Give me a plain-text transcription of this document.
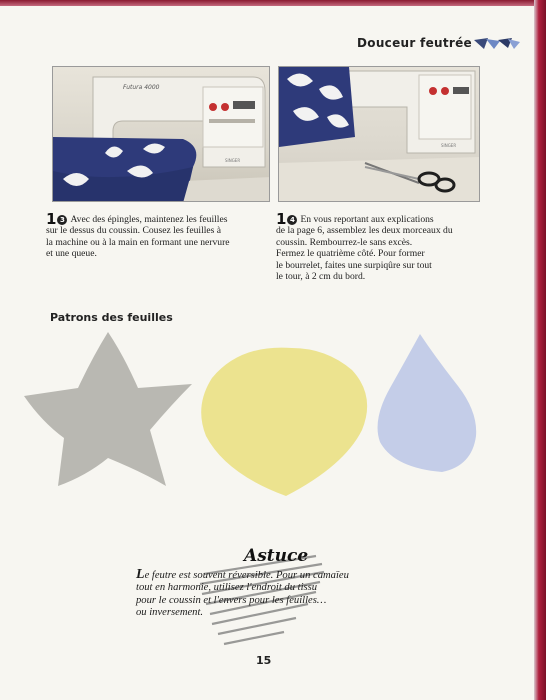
Douceur feutrée
Futura 4000
SINGER
SINGER
1 3 Avec des épingles, maintenez les feuilles
sur le dessus du coussin. Cousez les feuilles à
la machine ou à la main en formant une nervure
et une queue.
1 4 En vous reportant aux explications
de la page 6, assemblez les deux morceaux du
coussin. Rembourrez-le sans excès.
Fermez le quatrième côté. Pour former
le bourrelet, faites une surpiqûre sur tout
le tour, à 2 cm du bord.
Patrons des feuilles
Astuce
Le feutre est souvent réversible. Pour un camaïeu
tout en harmonie, utilisez l'endroit du tissu
pour le coussin et l'envers pour les feuilles…
ou inversement.
15
